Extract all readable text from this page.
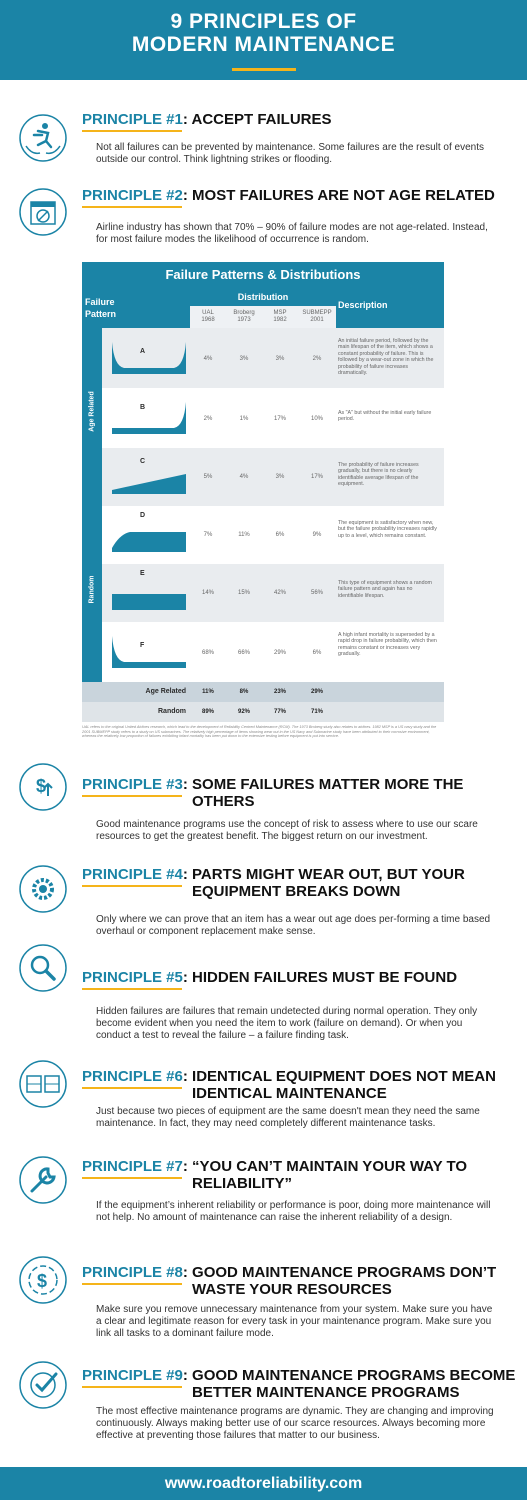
9 PRINCIPLES OF
MODERN MAINTENANCE
PRINCIPLE #1: ACCEPT FAILURES
Not all failures can be prevented by maintenance. Some failures are the result of events outside our control. Think lightning strikes or flooding.
PRINCIPLE #2: MOST FAILURES ARE NOT AGE RELATED
Airline industry has shown that 70% – 90% of failure modes are not age-related. Instead, for most failure modes the likelihood of occurrence is random.
Failure Patterns & Distributions
Failure Pattern
Distribution
Description
UAL
1968
Broberg
1973
MSP
1982
SUBMEPP
2001
Age Related
Random
A
4%	3%	3%	2%
An initial failure period, followed by the main lifespan of the item, which shows a constant probability of failure. This is followed by a wear-out zone in which the probability of failure increases dramatically.
B
2%	1%	17%	10%
As "A" but without the initial early failure period.
C
5%	4%	3%	17%
The probability of failure increases gradually, but there is no clearly identifiable average lifespan of the equipment.
D
7%	11%	6%	9%
The equipment is satisfactory when new, but the failure probability increases rapidly up to a level, which remains constant.
E
14%	15%	42%	56%
This type of equipment shows a random failure pattern and again has no identifiable lifespan.
F
68%	66%	29%	6%
A high infant mortality is superseded by a rapid drop in failure probability, which then remains constant or increases very gradually.
Age Related	11%	8%	23%	29%
Random	89%	92%	77%	71%
UAL refers to the original United Airlines research, which lead to the development of Reliability Centred Maintenance (RCM). The 1973 Broberg study also relates to airlines. 1982 MSP is a US navy study and the 2001 SUBMEPP study refers to a study on US submarines. The relatively high percentage of items showing wear out in the US Navy and Submarine study have been attributed to their corrosive environment, whereas the relatively low proportion of failures exhibiting infant mortality has been put down to the extensive testing before equipment is put into service.
$ PRINCIPLE #3: SOME FAILURES MATTER MORE THE
OTHERS
Good maintenance programs use the concept of risk to assess where to use our scare resources to get the greatest benefit. The biggest return on our investment.
PRINCIPLE #4: PARTS MIGHT WEAR OUT, BUT YOUR
EQUIPMENT BREAKS DOWN
Only where we can prove that an item has a wear out age does per-forming a time based overhaul or component replacement make sense.
PRINCIPLE #5: HIDDEN FAILURES MUST BE FOUND
Hidden failures are failures that remain undetected during normal operation. They only become evident when you need the item to work (failure on demand). Or when you conduct a test to reveal the failure – a failure finding task.
PRINCIPLE #6: IDENTICAL EQUIPMENT DOES NOT MEAN
IDENTICAL MAINTENANCE
Just because two pieces of equipment are the same doesn't mean they need the same maintenance. In fact, they may need completely different maintenance tasks.
PRINCIPLE #7: “YOU CAN’T MAINTAIN YOUR WAY TO
RELIABILITY”
If the equipment’s inherent reliability or performance is poor, doing more maintenance will not help. No amount of maintenance can raise the inherent reliability of a design.
$ PRINCIPLE #8: GOOD MAINTENANCE PROGRAMS DON’T
WASTE YOUR RESOURCES
Make sure you remove unnecessary maintenance from your system. Make sure you have a clear and legitimate reason for every task in your maintenance program. Make sure you link all tasks to a dominant failure mode.
PRINCIPLE #9: GOOD MAINTENANCE PROGRAMS BECOME
BETTER MAINTENANCE PROGRAMS
The most effective maintenance programs are dynamic. They are changing and improving continuously. Always making better use of our scarce resources. Always becoming more effective at preventing those failures that matter to our business.
www.roadtoreliability.com
